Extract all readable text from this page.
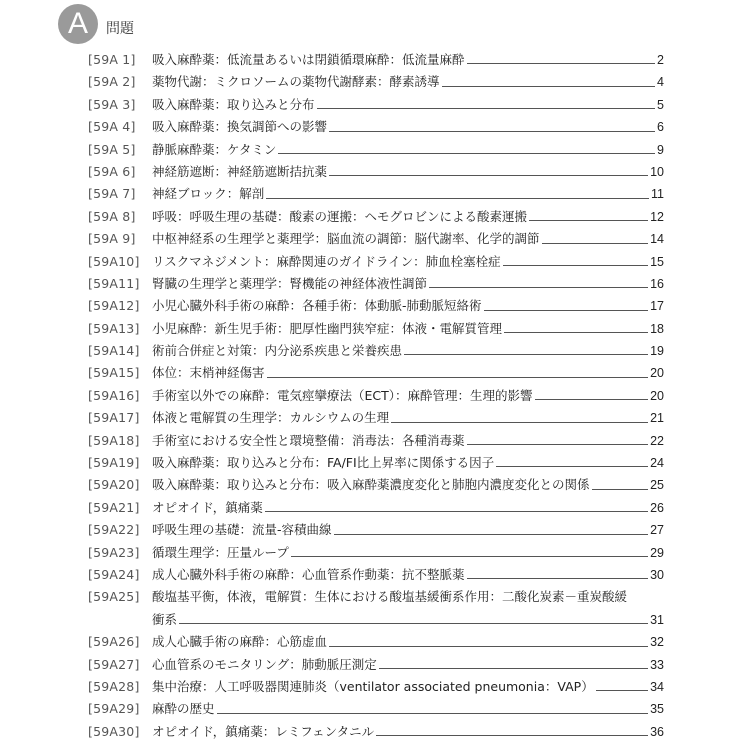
A	問題
[59A 1]	吸入麻酔薬：低流量あるいは閉鎖循環麻酔：低流量麻酔	2
[59A 2]	薬物代謝：ミクロソームの薬物代謝酵素：酵素誘導	4
[59A 3]	吸入麻酔薬：取り込みと分布	5
[59A 4]	吸入麻酔薬：換気調節への影響	6
[59A 5]	静脈麻酔薬：ケタミン	9
[59A 6]	神経筋遮断：神経筋遮断拮抗薬	10
[59A 7]	神経ブロック：解剖	11
[59A 8]	呼吸：呼吸生理の基礎：酸素の運搬：ヘモグロビンによる酸素運搬	12
[59A 9]	中枢神経系の生理学と薬理学：脳血流の調節：脳代謝率、化学的調節	14
[59A10] リスクマネジメント：麻酔関連のガイドライン：肺血栓塞栓症	15
[59A11] 腎臓の生理学と薬理学：腎機能の神経体液性調節	16
[59A12] 小児心臓外科手術の麻酔：各種手術：体動脈-肺動脈短絡術	17
[59A13] 小児麻酔：新生児手術：肥厚性幽門狭窄症：体液・電解質管理	18
[59A14] 術前合併症と対策：内分泌系疾患と栄養疾患	19
[59A15] 体位：末梢神経傷害	20
[59A16] 手術室以外での麻酔：電気痙攣療法（ECT）：麻酔管理：生理的影響	20
[59A17] 体液と電解質の生理学：カルシウムの生理	21
[59A18] 手術室における安全性と環境整備：消毒法：各種消毒薬	22
[59A19] 吸入麻酔薬：取り込みと分布：FA/FI比上昇率に関係する因子	24
[59A20] 吸入麻酔薬：取り込みと分布：吸入麻酔薬濃度変化と肺胞内濃度変化との関係	25
[59A21] オピオイド，鎮痛薬	26
[59A22] 呼吸生理の基礎：流量-容積曲線	27
[59A23] 循環生理学：圧量ループ	29
[59A24] 成人心臓外科手術の麻酔：心血管系作動薬：抗不整脈薬	30
[59A25] 酸塩基平衡，体液，電解質：生体における酸塩基緩衝系作用：二酸化炭素－重炭酸緩
衝系	31
[59A26] 成人心臓手術の麻酔：心筋虚血	32
[59A27] 心血管系のモニタリング：肺動脈圧測定	33
[59A28] 集中治療：人工呼吸器関連肺炎（ventilator associated pneumonia：VAP）	34
[59A29] 麻酔の歴史	35
[59A30] オピオイド，鎮痛薬：レミフェンタニル	36
